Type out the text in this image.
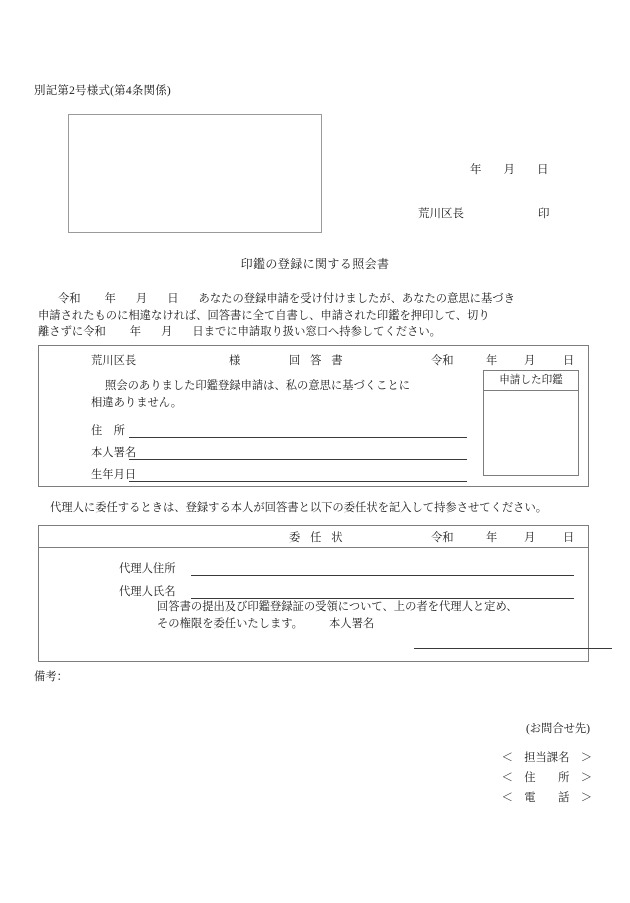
別記第2号様式(第4条関係)
年 月 日
荒川区長	印
印鑑の登録に関する照会書
令和 年 月 日 あなたの登録申請を受け付けましたが、あなたの意思に基づき
申請されたものに相違なければ、回答書に全て自書し、申請された印鑑を押印して、切り
離さずに令和 年 月 日までに申請取り扱い窓口へ持参してください。
荒川区長	様	回 答 書	令和	年 月 日
照会のありました印鑑登録申請は、私の意思に基づくことに
相違ありません。
住　所
本人署名
生年月日
申請した印鑑
代理人に委任するときは、登録する本人が回答書と以下の委任状を記入して持参させてください。
委 任 状	令和	年 月 日
代理人住所
代理人氏名
回答書の提出及び印鑑登録証の受領について、上の者を代理人と定め、
その権限を委任いたします。 本人署名
備考：
(お問合せ先)
＜　担当課名　＞
＜　住　　所　＞
＜　電　　話　＞
